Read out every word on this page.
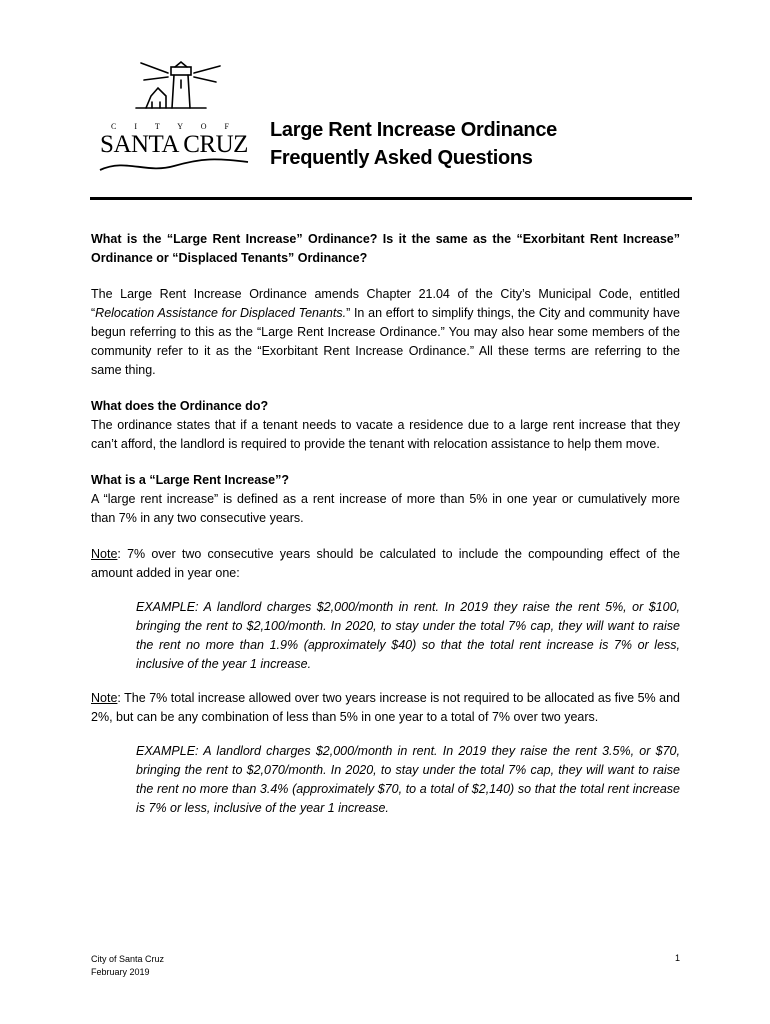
C I T Y O F
SANTA CRUZ
Large Rent Increase Ordinance
Frequently Asked Questions

What is the “Large Rent Increase” Ordinance? Is it the same as the “Exorbitant Rent Increase” Ordinance or “Displaced Tenants” Ordinance?

The Large Rent Increase Ordinance amends Chapter 21.04 of the City’s Municipal Code, entitled “Relocation Assistance for Displaced Tenants.” In an effort to simplify things, the City and community have begun referring to this as the “Large Rent Increase Ordinance.” You may also hear some members of the community refer to it as the “Exorbitant Rent Increase Ordinance.” All these terms are referring to the same thing.

What does the Ordinance do?

The ordinance states that if a tenant needs to vacate a residence due to a large rent increase that they can’t afford, the landlord is required to provide the tenant with relocation assistance to help them move.

What is a “Large Rent Increase”?

A “large rent increase” is defined as a rent increase of more than 5% in one year or cumulatively more than 7% in any two consecutive years.

Note: 7% over two consecutive years should be calculated to include the compounding effect of the amount added in year one:

EXAMPLE: A landlord charges $2,000/month in rent. In 2019 they raise the rent 5%, or $100, bringing the rent to $2,100/month. In 2020, to stay under the total 7% cap, they will want to raise the rent no more than 1.9% (approximately $40) so that the total rent increase is 7% or less, inclusive of the year 1 increase.

Note: The 7% total increase allowed over two years increase is not required to be allocated as five 5% and 2%, but can be any combination of less than 5% in one year to a total of 7% over two years.

EXAMPLE: A landlord charges $2,000/month in rent. In 2019 they raise the rent 3.5%, or $70, bringing the rent to $2,070/month. In 2020, to stay under the total 7% cap, they will want to raise the rent no more than 3.4% (approximately $70, to a total of $2,140) so that the total rent increase is 7% or less, inclusive of the year 1 increase.

City of Santa Cruz
February 2019
1
